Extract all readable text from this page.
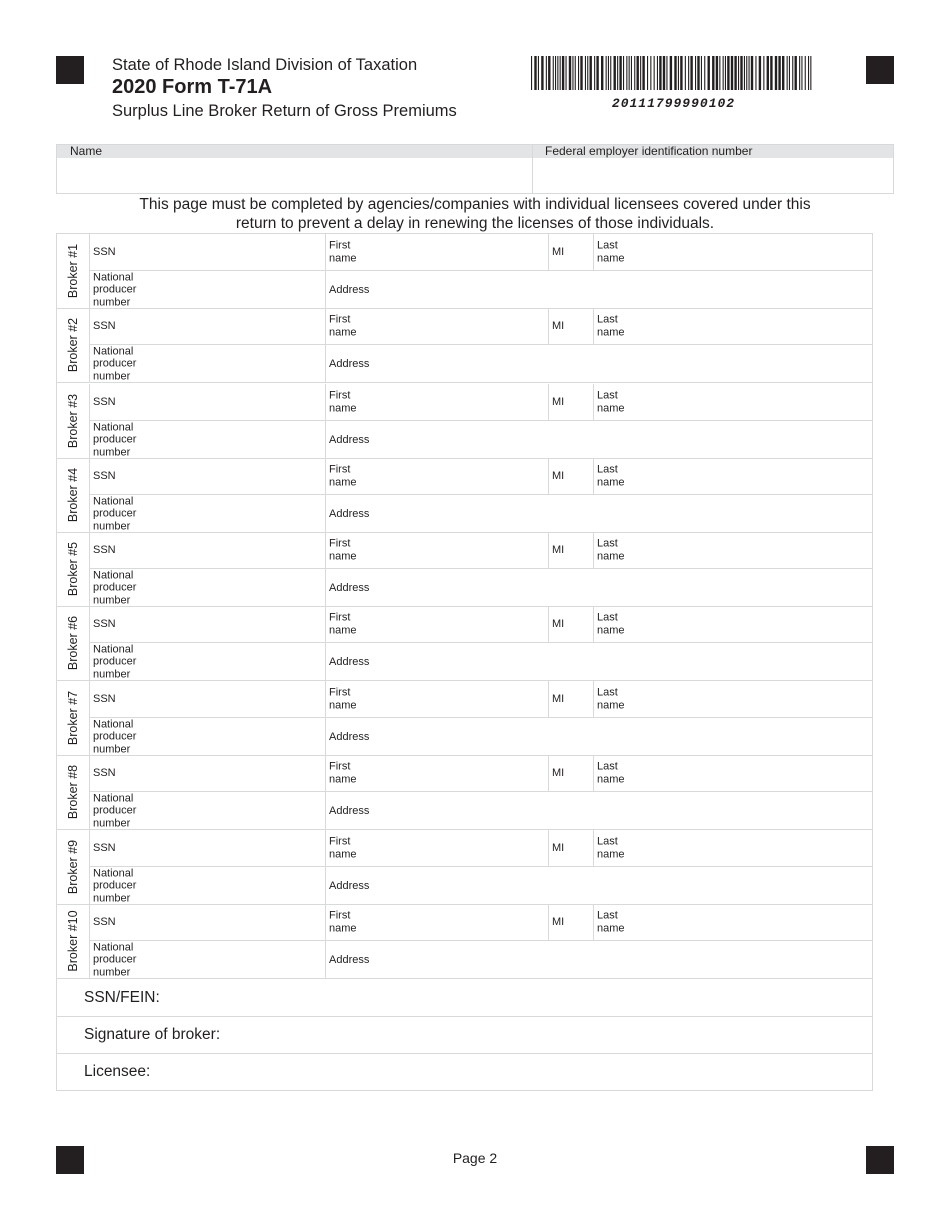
State of Rhode Island Division of Taxation
2020 Form T-71A
Surplus Line Broker Return of Gross Premiums	20111799990102
Name	Federal employer identification number
This page must be completed by agencies/companies with individual licensees covered under this
return to prevent a delay in renewing the licenses of those individuals.
SSN/FEIN:
Signature of broker:
Licensee:
Broker #1 SSN
First
name
MI
Last
name
National
producer
number
Address
Broker #2 SSN
First
name
MI
Last
name
National
producer
number
Address
Broker #3 SSN
First
name
MI
Last
name
National
producer
number
Address
Broker #4 SSN
First
name
MI
Last
name
National
producer
number
Address
Broker #5 SSN
First
name
MI
Last
name
National
producer
number
Address
Broker #6 SSN
First
name
MI
Last
name
National
producer
number
Address
Broker #7 SSN
First
name
MI
Last
name
National
producer
number
Address
Broker #8 SSN
First
name
MI
Last
name
National
producer
number
Address
Broker #9 SSN
First
name
MI
Last
name
National
producer
number
Address
Broker #10 SSN
First
name
MI
Last
name
National
producer
number
Address
Page 2
